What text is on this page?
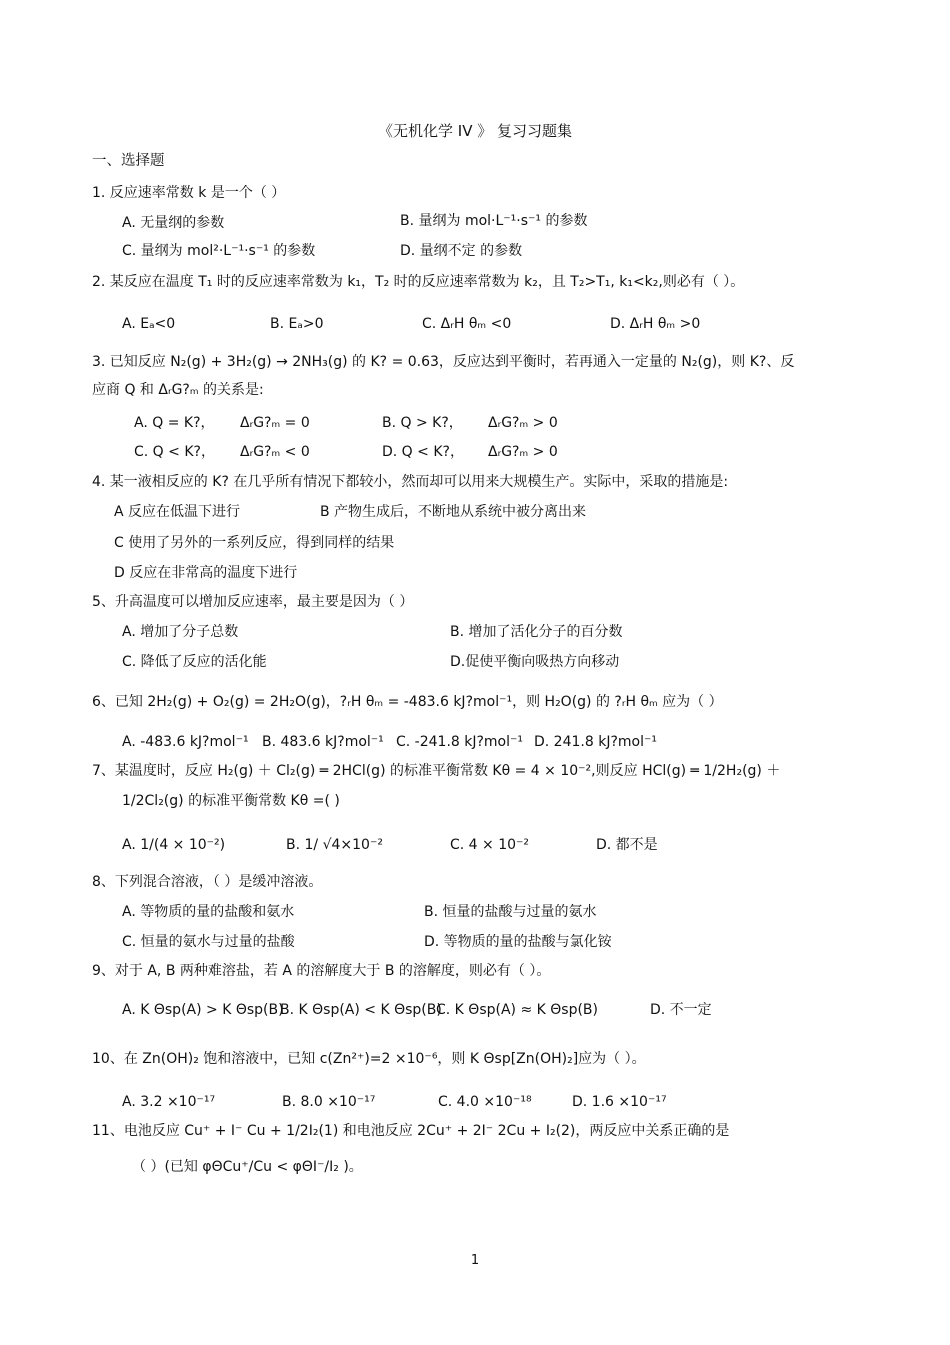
《无机化学 IV 》 复习习题集
一、选择题
1. 反应速率常数 k 是一个（ ）
A. 无量纲的参数	B. 量纲为 mol·L⁻¹·s⁻¹ 的参数
C. 量纲为 mol²·L⁻¹·s⁻¹ 的参数	D. 量纲不定 的参数
2. 某反应在温度 T₁ 时的反应速率常数为 k₁，T₂ 时的反应速率常数为 k₂，且 T₂>T₁, k₁<k₂,则必有（ ）。
A. Eₐ<0	B. Eₐ>0	C. ΔᵣH θₘ <0	D. ΔᵣH θₘ >0
3. 已知反应 N₂(g) + 3H₂(g) → 2NH₃(g) 的 K? = 0.63，反应达到平衡时，若再通入一定量的 N₂(g)，则 K?、反
应商 Q 和 ΔᵣG?ₘ 的关系是:
A. Q = K?， ΔᵣG?ₘ = 0	B. Q > K?， ΔᵣG?ₘ > 0
C. Q < K?， ΔᵣG?ₘ < 0	D. Q < K?， ΔᵣG?ₘ > 0
4. 某一液相反应的 K? 在几乎所有情况下都较小，然而却可以用来大规模生产。实际中，采取的措施是:
A 反应在低温下进行	B 产物生成后，不断地从系统中被分离出来
C 使用了另外的一系列反应，得到同样的结果
D 反应在非常高的温度下进行
5、升高温度可以增加反应速率，最主要是因为（ ）
A. 增加了分子总数	B. 增加了活化分子的百分数
C. 降低了反应的活化能	D.促使平衡向吸热方向移动
6、已知 2H₂(g) + O₂(g) = 2H₂O(g)，?ᵣH θₘ = -483.6 kJ?mol⁻¹，则 H₂O(g) 的 ?ᵣH θₘ 应为（ ）
A. -483.6 kJ?mol⁻¹ B. 483.6 kJ?mol⁻¹ C. -241.8 kJ?mol⁻¹ D. 241.8 kJ?mol⁻¹
7、某温度时，反应 H₂(g) ＋ Cl₂(g) ═ 2HCl(g) 的标准平衡常数 Kθ = 4 × 10⁻²,则反应 HCl(g) ═ 1/2H₂(g) ＋
1/2Cl₂(g) 的标准平衡常数 Kθ =( )
A. 1/(4 × 10⁻²)	B. 1/ √4×10⁻²	C. 4 × 10⁻²	D. 都不是
8、下列混合溶液，（ ）是缓冲溶液。
A. 等物质的量的盐酸和氨水	B. 恒量的盐酸与过量的氨水
C. 恒量的氨水与过量的盐酸	D. 等物质的量的盐酸与氯化铵
9、对于 A, B 两种难溶盐，若 A 的溶解度大于 B 的溶解度，则必有（ ）。
A. K Θsp(A) > K Θsp(B)
B. K Θsp(A) < K Θsp(B)
C. K Θsp(A) ≈ K Θsp(B)	D. 不一定
10、在 Zn(OH)₂ 饱和溶液中，已知 c(Zn²⁺)=2 ×10⁻⁶，则 K Θsp[Zn(OH)₂]应为（ ）。
A. 3.2 ×10⁻¹⁷	B. 8.0 ×10⁻¹⁷	C. 4.0 ×10⁻¹⁸	D. 1.6 ×10⁻¹⁷
11、电池反应 Cu⁺ + I⁻ Cu + 1/2I₂(1) 和电池反应 2Cu⁺ + 2I⁻ 2Cu + I₂(2)，两反应中关系正确的是
（ ）(已知 φΘCu⁺/Cu < φΘI⁻/I₂ )。
1
